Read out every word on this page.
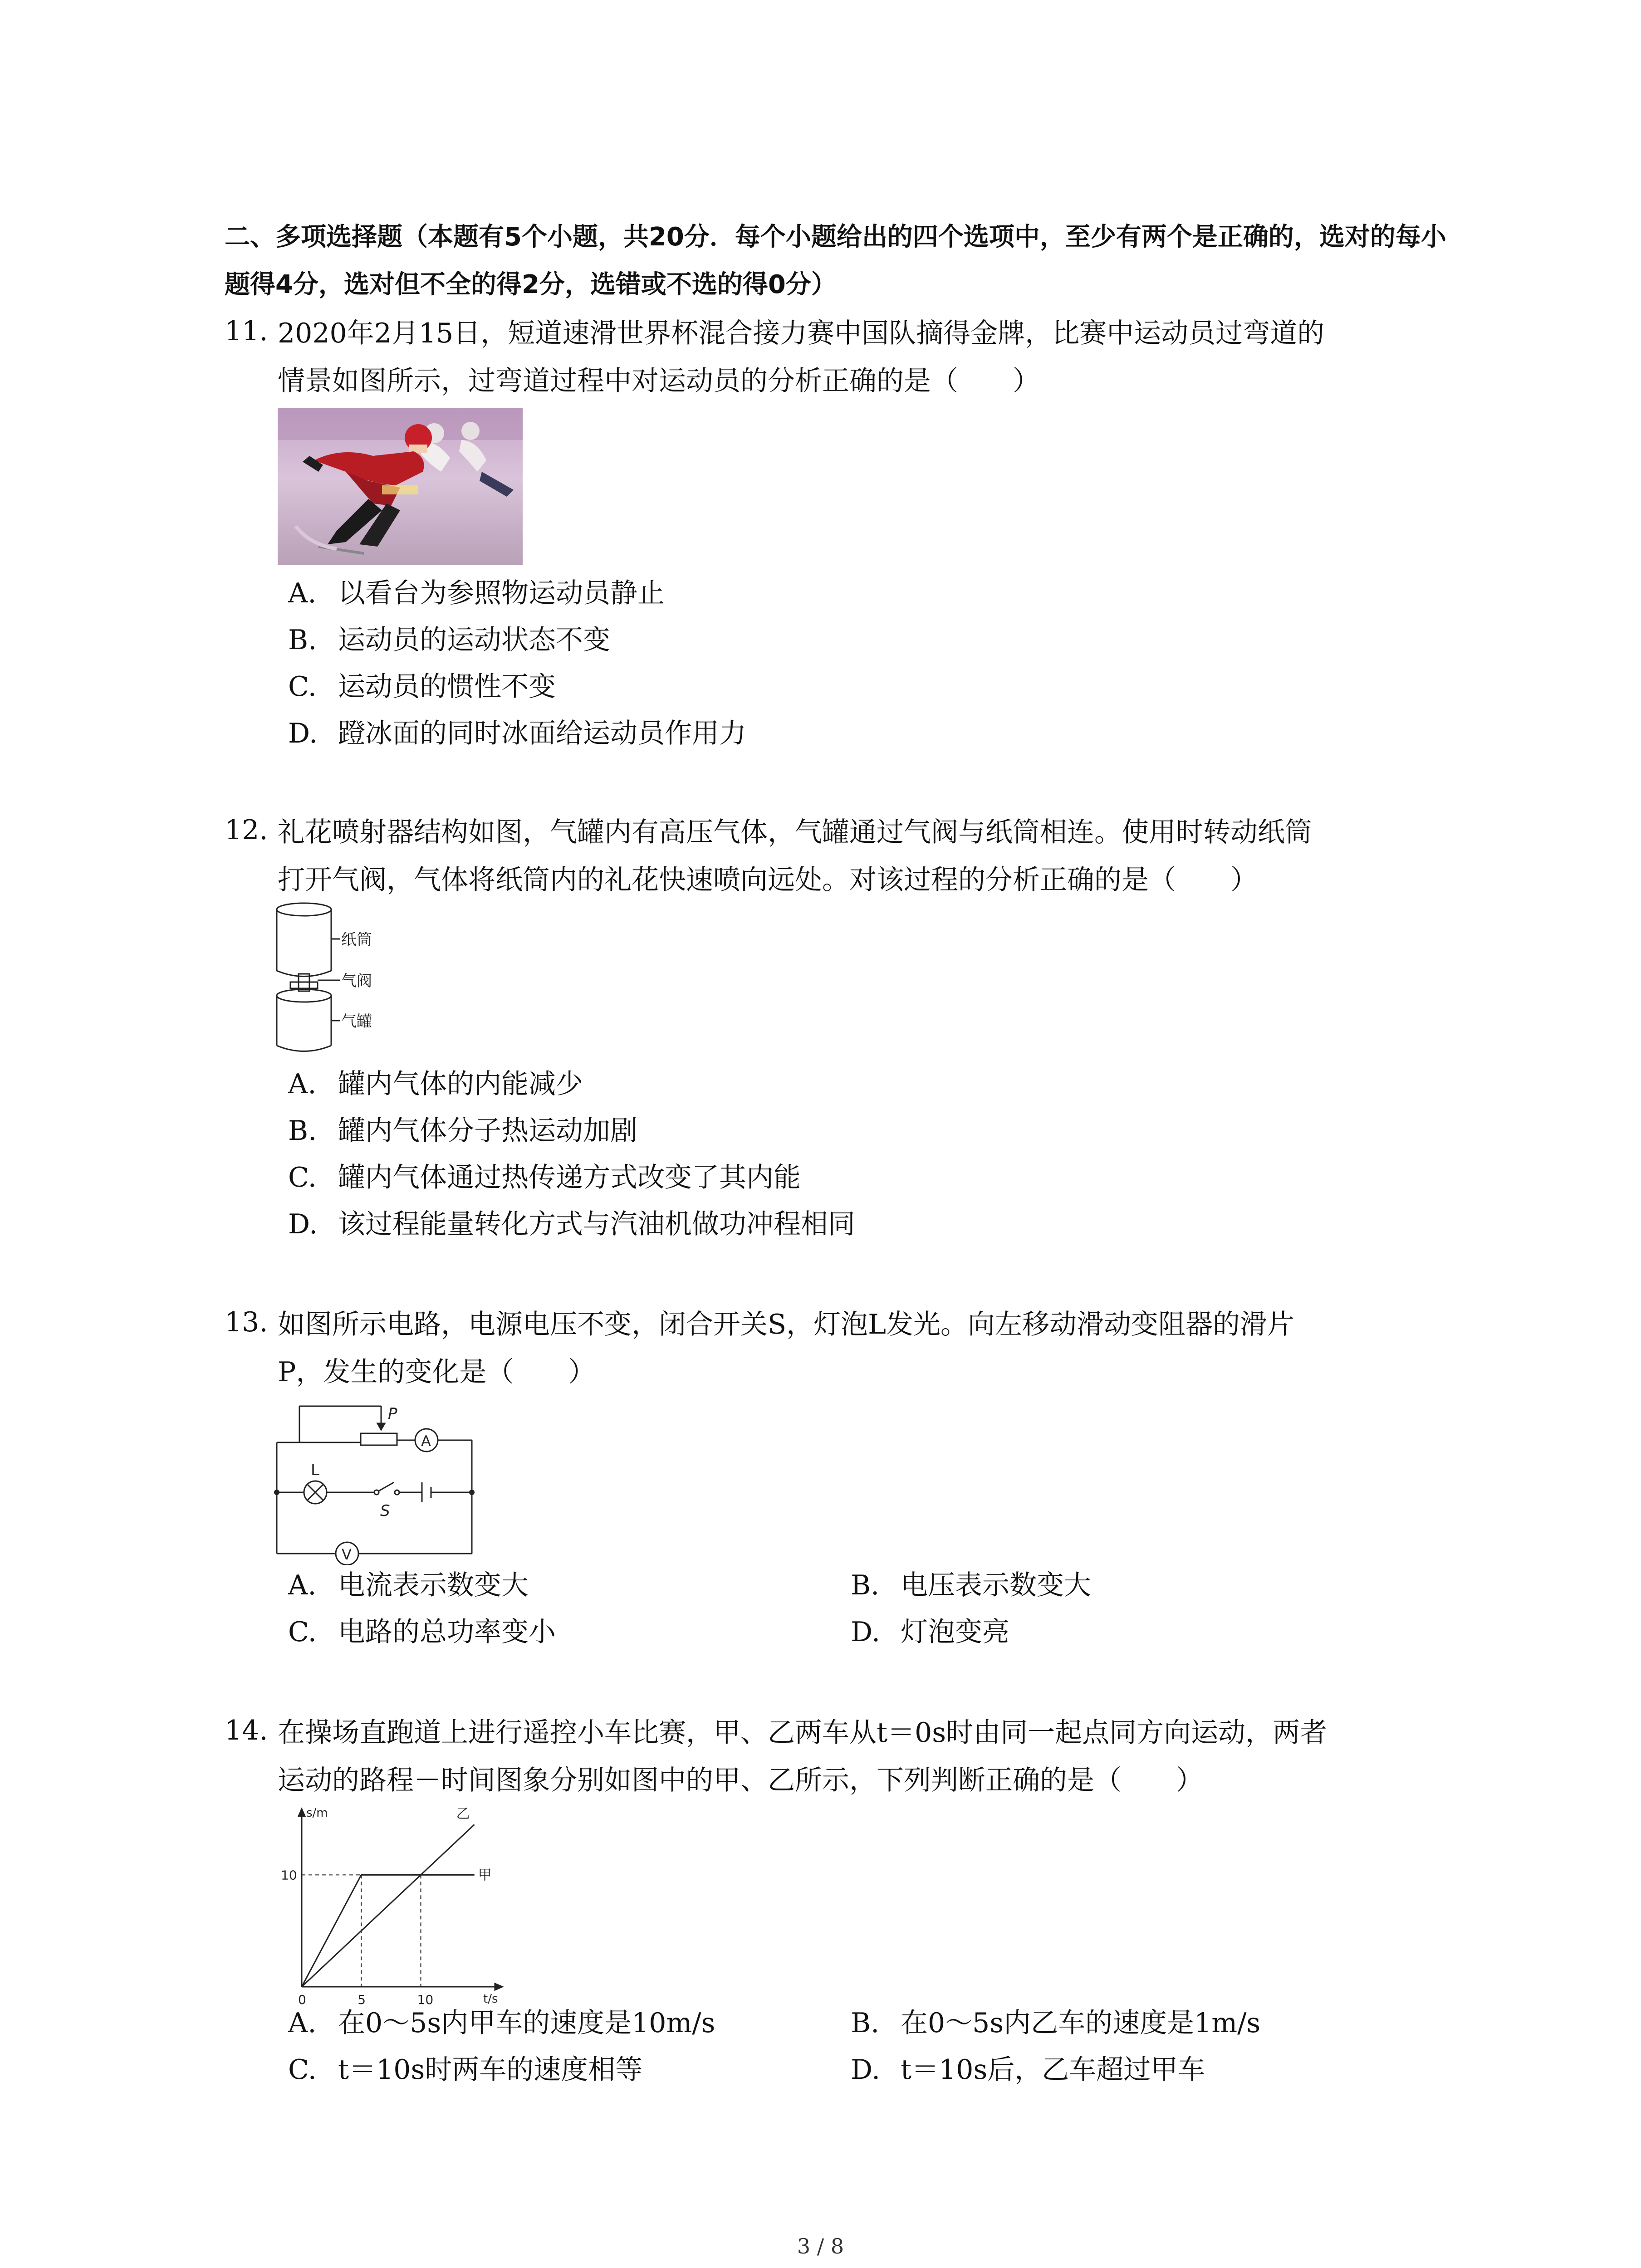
二、多项选择题（本题有5个小题，共20分．每个小题给出的四个选项中，至少有两个是正确的，选对的每小题得4分，选对但不全的得2分，选错或不选的得0分）
11. 2020年2月15日，短道速滑世界杯混合接力赛中国队摘得金牌，比赛中运动员过弯道的
情景如图所示，过弯道过程中对运动员的分析正确的是（　　）
A. 以看台为参照物运动员静止
B. 运动员的运动状态不变
C. 运动员的惯性不变
D. 蹬冰面的同时冰面给运动员作用力
12. 礼花喷射器结构如图，气罐内有高压气体，气罐通过气阀与纸筒相连。使用时转动纸筒
打开气阀，气体将纸筒内的礼花快速喷向远处。对该过程的分析正确的是（　　）
纸筒
气阀
气罐
A. 罐内气体的内能减少
B. 罐内气体分子热运动加剧
C. 罐内气体通过热传递方式改变了其内能
D. 该过程能量转化方式与汽油机做功冲程相同
13. 如图所示电路，电源电压不变，闭合开关S，灯泡L发光。向左移动滑动变阻器的滑片
P，发生的变化是（　　）
P
A
L
S
V
A. 电流表示数变大	B. 电压表示数变大
C. 电路的总功率变小	D. 灯泡变亮
14. 在操场直跑道上进行遥控小车比赛，甲、乙两车从t＝0s时由同一起点同方向运动，两者
运动的路程－时间图象分别如图中的甲、乙所示，下列判断正确的是（　　）
甲
乙
s/m
t/s
0	5	10
10
A. 在0～5s内甲车的速度是10m/s	B. 在0～5s内乙车的速度是1m/s
C. t＝10s时两车的速度相等	D. t＝10s后，乙车超过甲车
3 / 8
